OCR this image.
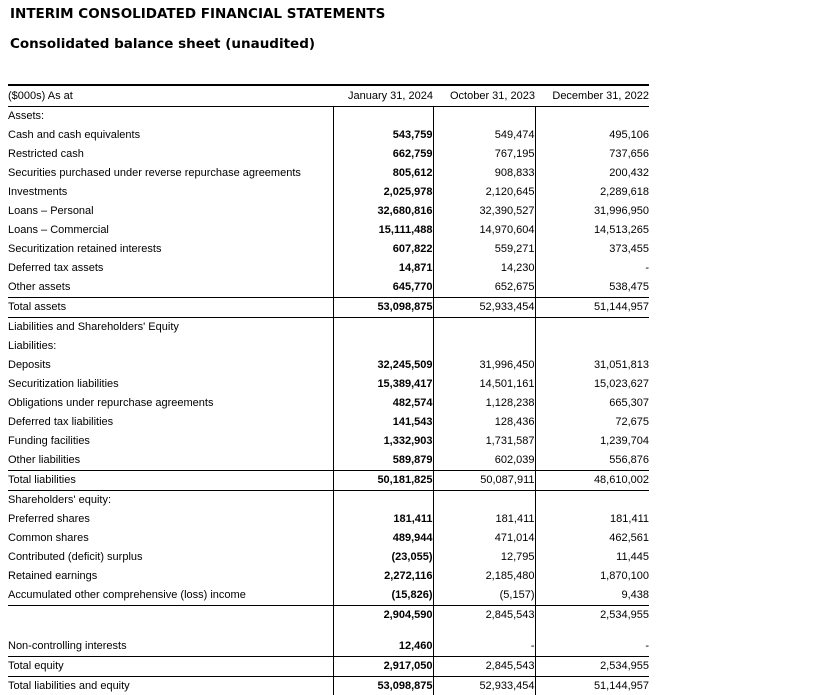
INTERIM CONSOLIDATED FINANCIAL STATEMENTS
Consolidated balance sheet (unaudited)
($000s) As at	January 31, 2024	October 31, 2023	December 31, 2022
Assets:			
Cash and cash equivalents	543,759	549,474	495,106
Restricted cash	662,759	767,195	737,656
Securities purchased under reverse repurchase agreements	805,612	908,833	200,432
Investments	2,025,978	2,120,645	2,289,618
Loans – Personal	32,680,816	32,390,527	31,996,950
Loans – Commercial	15,111,488	14,970,604	14,513,265
Securitization retained interests	607,822	559,271	373,455
Deferred tax assets	14,871	14,230	-
Other assets	645,770	652,675	538,475
Total assets	53,098,875	52,933,454	51,144,957
Liabilities and Shareholders' Equity			
Liabilities:			
Deposits	32,245,509	31,996,450	31,051,813
Securitization liabilities	15,389,417	14,501,161	15,023,627
Obligations under repurchase agreements	482,574	1,128,238	665,307
Deferred tax liabilities	141,543	128,436	72,675
Funding facilities	1,332,903	1,731,587	1,239,704
Other liabilities	589,879	602,039	556,876
Total liabilities	50,181,825	50,087,911	48,610,002
Shareholders' equity:			
Preferred shares	181,411	181,411	181,411
Common shares	489,944	471,014	462,561
Contributed (deficit) surplus	(23,055)	12,795	11,445
Retained earnings	2,272,116	2,185,480	1,870,100
Accumulated other comprehensive (loss) income	(15,826)	(5,157)	9,438
	2,904,590	2,845,543	2,534,955

Non-controlling interests	12,460	-	-
Total equity	2,917,050	2,845,543	2,534,955
Total liabilities and equity	53,098,875	52,933,454	51,144,957
